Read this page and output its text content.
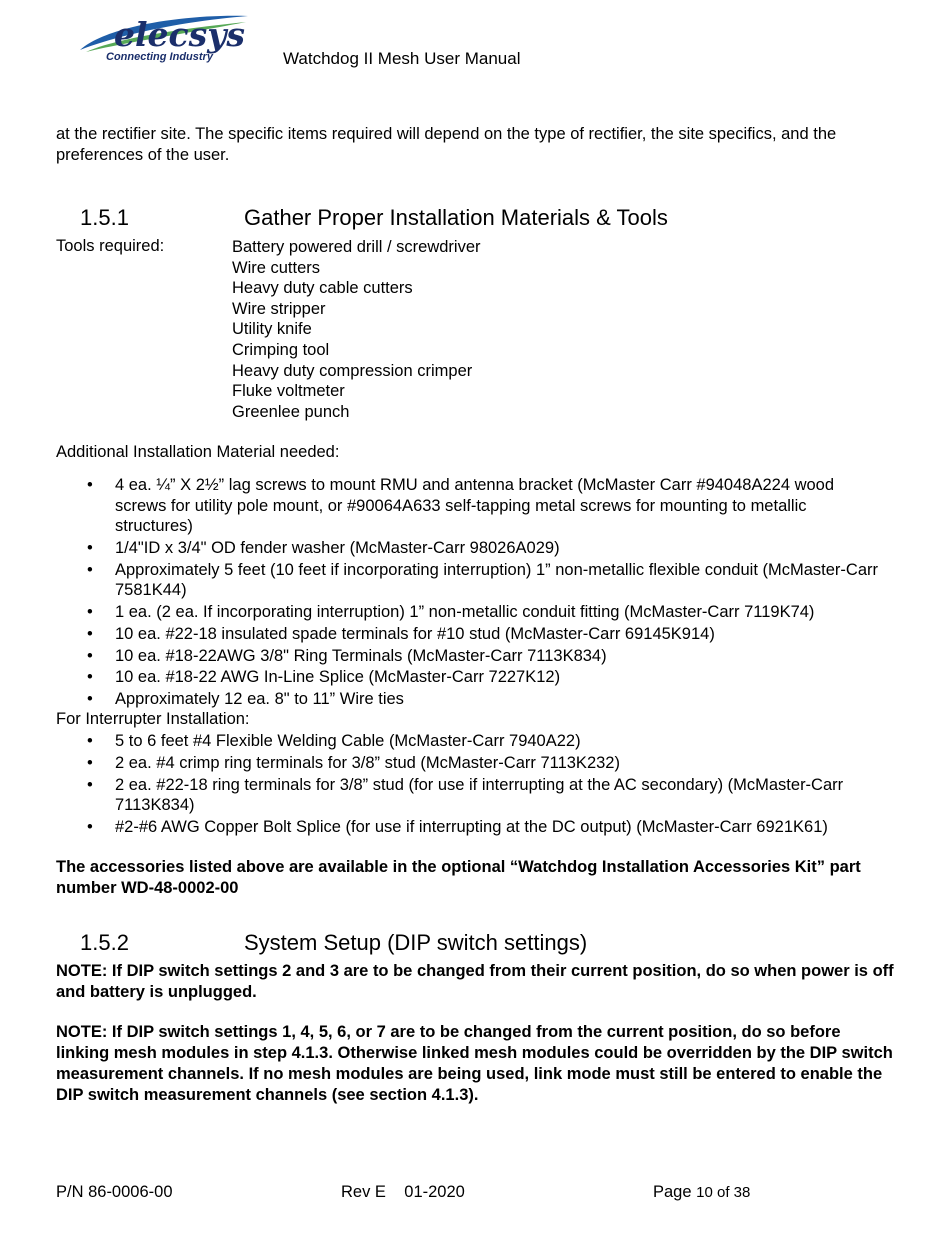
elecsys
Connecting Industry	Watchdog II Mesh User Manual
at the rectifier site. The specific items required will depend on the type of rectifier, the site specifics, and the preferences of the user.
1.5.1	Gather Proper Installation Materials & Tools
Tools required:	Battery powered drill / screwdriver
Wire cutters
Heavy duty cable cutters
Wire stripper
Utility knife
Crimping tool
Heavy duty compression crimper
Fluke voltmeter
Greenlee punch
Additional Installation Material needed:
• 4 ea. ¼” X 2½” lag screws to mount RMU and antenna bracket (McMaster Carr #94048A224 wood screws for utility pole mount, or #90064A633 self-tapping metal screws for mounting to metallic structures)
• 1/4"ID x 3/4" OD fender washer (McMaster-Carr 98026A029)
• Approximately 5 feet (10 feet if incorporating interruption) 1” non-metallic flexible conduit (McMaster-Carr 7581K44)
• 1 ea. (2 ea. If incorporating interruption) 1” non-metallic conduit fitting (McMaster-Carr 7119K74)
• 10 ea. #22-18 insulated spade terminals for #10 stud (McMaster-Carr 69145K914)
• 10 ea. #18-22AWG 3/8" Ring Terminals (McMaster-Carr 7113K834)
• 10 ea. #18-22 AWG In-Line Splice (McMaster-Carr 7227K12)
• Approximately 12 ea. 8" to 11” Wire ties
For Interrupter Installation:
• 5 to 6 feet #4 Flexible Welding Cable (McMaster-Carr 7940A22)
• 2 ea. #4 crimp ring terminals for 3/8” stud (McMaster-Carr 7113K232)
• 2 ea. #22-18 ring terminals for 3/8” stud (for use if interrupting at the AC secondary) (McMaster-Carr 7113K834)
• #2-#6 AWG Copper Bolt Splice (for use if interrupting at the DC output) (McMaster-Carr 6921K61)
The accessories listed above are available in the optional “Watchdog Installation Accessories Kit” part number WD-48-0002-00
1.5.2	System Setup (DIP switch settings)
NOTE: If DIP switch settings 2 and 3 are to be changed from their current position, do so when power is off and battery is unplugged.
NOTE: If DIP switch settings 1, 4, 5, 6, or 7 are to be changed from the current position, do so before linking mesh modules in step 4.1.3. Otherwise linked mesh modules could be overridden by the DIP switch measurement channels. If no mesh modules are being used, link mode must still be entered to enable the DIP switch measurement channels (see section 4.1.3).
P/N 86-0006-00	Rev E    01-2020	Page 10 of 38
